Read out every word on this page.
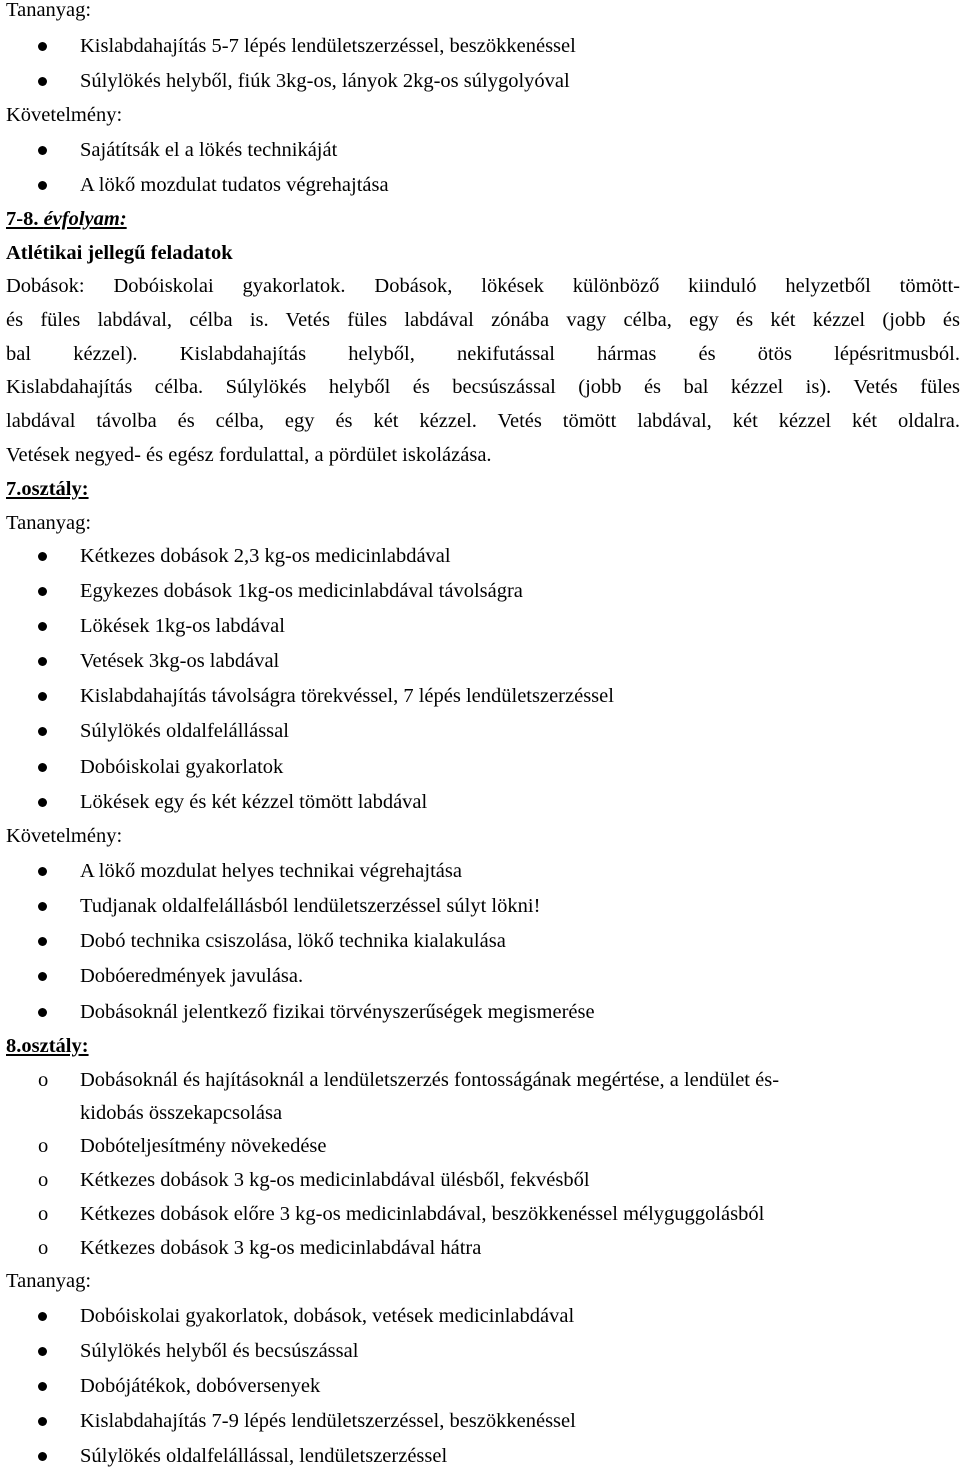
Tananyag:
Kislabdahajítás 5-7 lépés lendületszerzéssel, beszökkenéssel
Súlylökés helyből, fiúk 3kg-os, lányok 2kg-os súlygolyóval
Követelmény:
Sajátítsák el a lökés technikáját
A lökő mozdulat tudatos végrehajtása
7-8. évfolyam:
Atlétikai jellegű feladatok
Dobások: Dobóiskolai gyakorlatok. Dobások, lökések különböző kiinduló helyzetből tömött-
és füles labdával, célba is. Vetés füles labdával zónába vagy célba, egy és két kézzel (jobb és
bal kézzel). Kislabdahajítás helyből, nekifutással hármas és ötös lépésritmusból.
Kislabdahajítás célba. Súlylökés helyből és becsúszással (jobb és bal kézzel is). Vetés füles
labdával távolba és célba, egy és két kézzel. Vetés tömött labdával, két kézzel két oldalra.
Vetések negyed- és egész fordulattal, a pördület iskolázása.
7.osztály:
Tananyag:
Kétkezes dobások 2,3 kg-os medicinlabdával
Egykezes dobások 1kg-os medicinlabdával távolságra
Lökések 1kg-os labdával
Vetések 3kg-os labdával
Kislabdahajítás távolságra törekvéssel, 7 lépés lendületszerzéssel
Súlylökés oldalfelállással
Dobóiskolai gyakorlatok
Lökések egy és két kézzel tömött labdával
Követelmény:
A lökő mozdulat helyes technikai végrehajtása
Tudjanak oldalfelállásból lendületszerzéssel súlyt lökni!
Dobó technika csiszolása, lökő technika kialakulása
Dobóeredmények javulása.
Dobásoknál jelentkező fizikai törvényszerűségek megismerése
8.osztály:
o Dobásoknál és hajításoknál a lendületszerzés fontosságának megértése, a lendület és-
kidobás összekapcsolása
o Dobóteljesítmény növekedése
o Kétkezes dobások 3 kg-os medicinlabdával ülésből, fekvésből
o Kétkezes dobások előre 3 kg-os medicinlabdával, beszökkenéssel mélyguggolásból
o Kétkezes dobások 3 kg-os medicinlabdával hátra
Tananyag:
Dobóiskolai gyakorlatok, dobások, vetések medicinlabdával
Súlylökés helyből és becsúszással
Dobójátékok, dobóversenyek
Kislabdahajítás 7-9 lépés lendületszerzéssel, beszökkenéssel
Súlylökés oldalfelállással, lendületszerzéssel
